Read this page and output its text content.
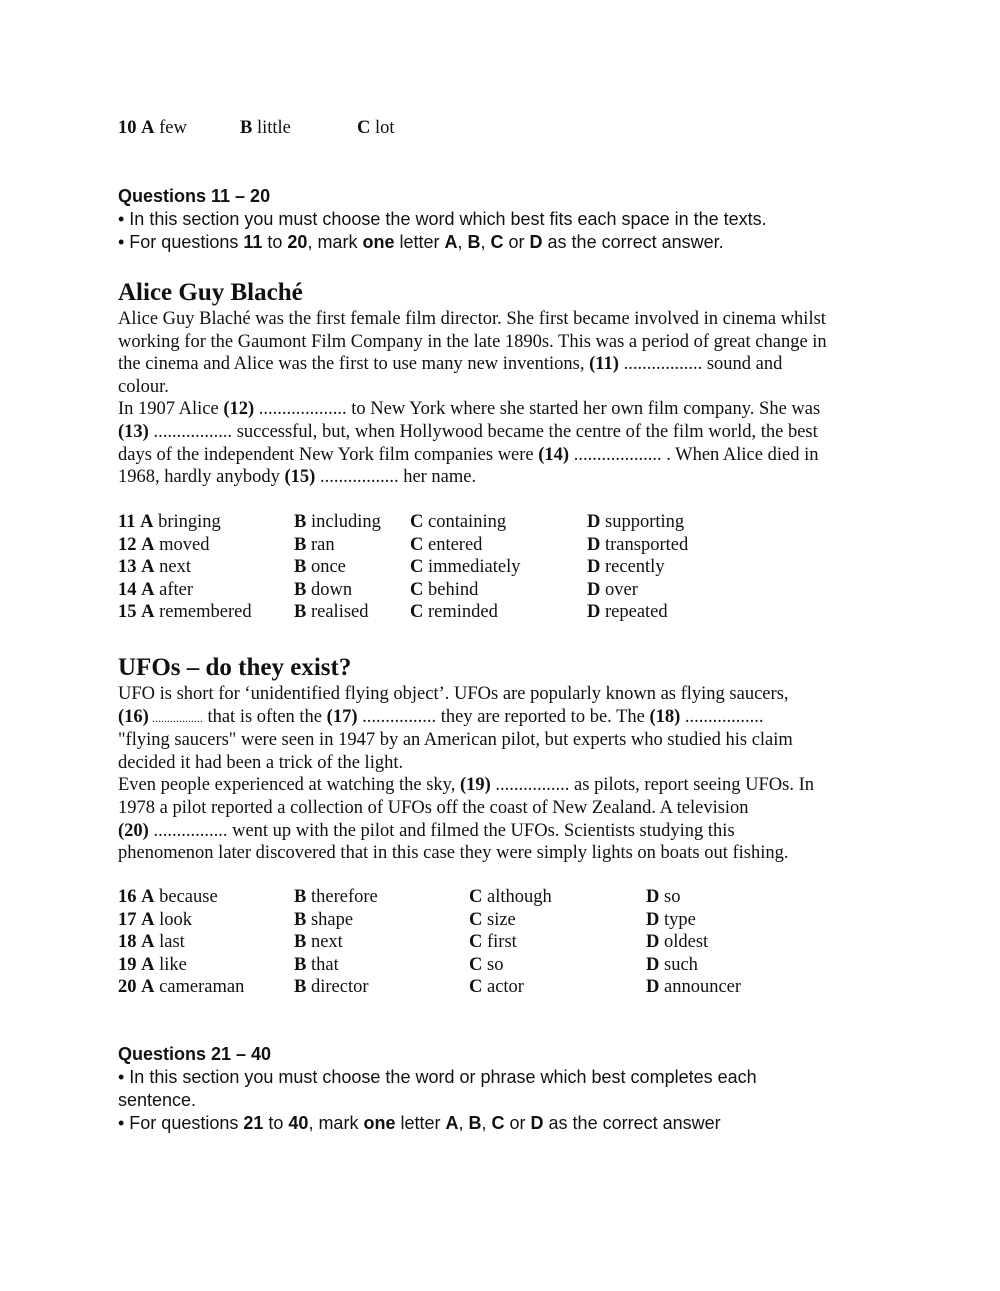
10 A few	B little	C lot
Questions 11 – 20
• In this section you must choose the word which best fits each space in the texts.
• For questions 11 to 20, mark one letter A, B, C or D as the correct answer.
Alice Guy Blaché

Alice Guy Blaché was the first female film director. She first became involved in cinema whilst

working for the Gaumont Film Company in the late 1890s. This was a period of great change in

the cinema and Alice was the first to use many new inventions, (11) ................. sound and

colour.

In 1907 Alice (12) ................... to New York where she started her own film company. She was

(13) ................. successful, but, when Hollywood became the centre of the film world, the best

days of the independent New York film companies were (14) ................... . When Alice died in

1968, hardly anybody (15) ................. her name.

11 A bringing	B including C containing	D supporting
12 A moved	B ran	C entered	D transported
13 A next	B once	C immediately	D recently
14 A after	B down	C behind	D over
15 A remembered B realised C reminded	D repeated
UFOs – do they exist?

UFO is short for ‘unidentified flying object’. UFOs are popularly known as flying saucers,

(16) ................. that is often the (17) ................ they are reported to be. The (18) .................

"flying saucers" were seen in 1947 by an American pilot, but experts who studied his claim

decided it had been a trick of the light.

Even people experienced at watching the sky, (19) ................ as pilots, report seeing UFOs. In

1978 a pilot reported a collection of UFOs off the coast of New Zealand. A television

(20) ................ went up with the pilot and filmed the UFOs. Scientists studying this

phenomenon later discovered that in this case they were simply lights on boats out fishing.

16 A because	B therefore	C although	D so
17 A look	B shape	C size	D type
18 A last	B next	C first	D oldest
19 A like	B that	C so	D such
20 A cameraman	B director	C actor	D announcer
Questions 21 – 40
• In this section you must choose the word or phrase which best completes each
sentence.
• For questions 21 to 40, mark one letter A, B, C or D as the correct answer
